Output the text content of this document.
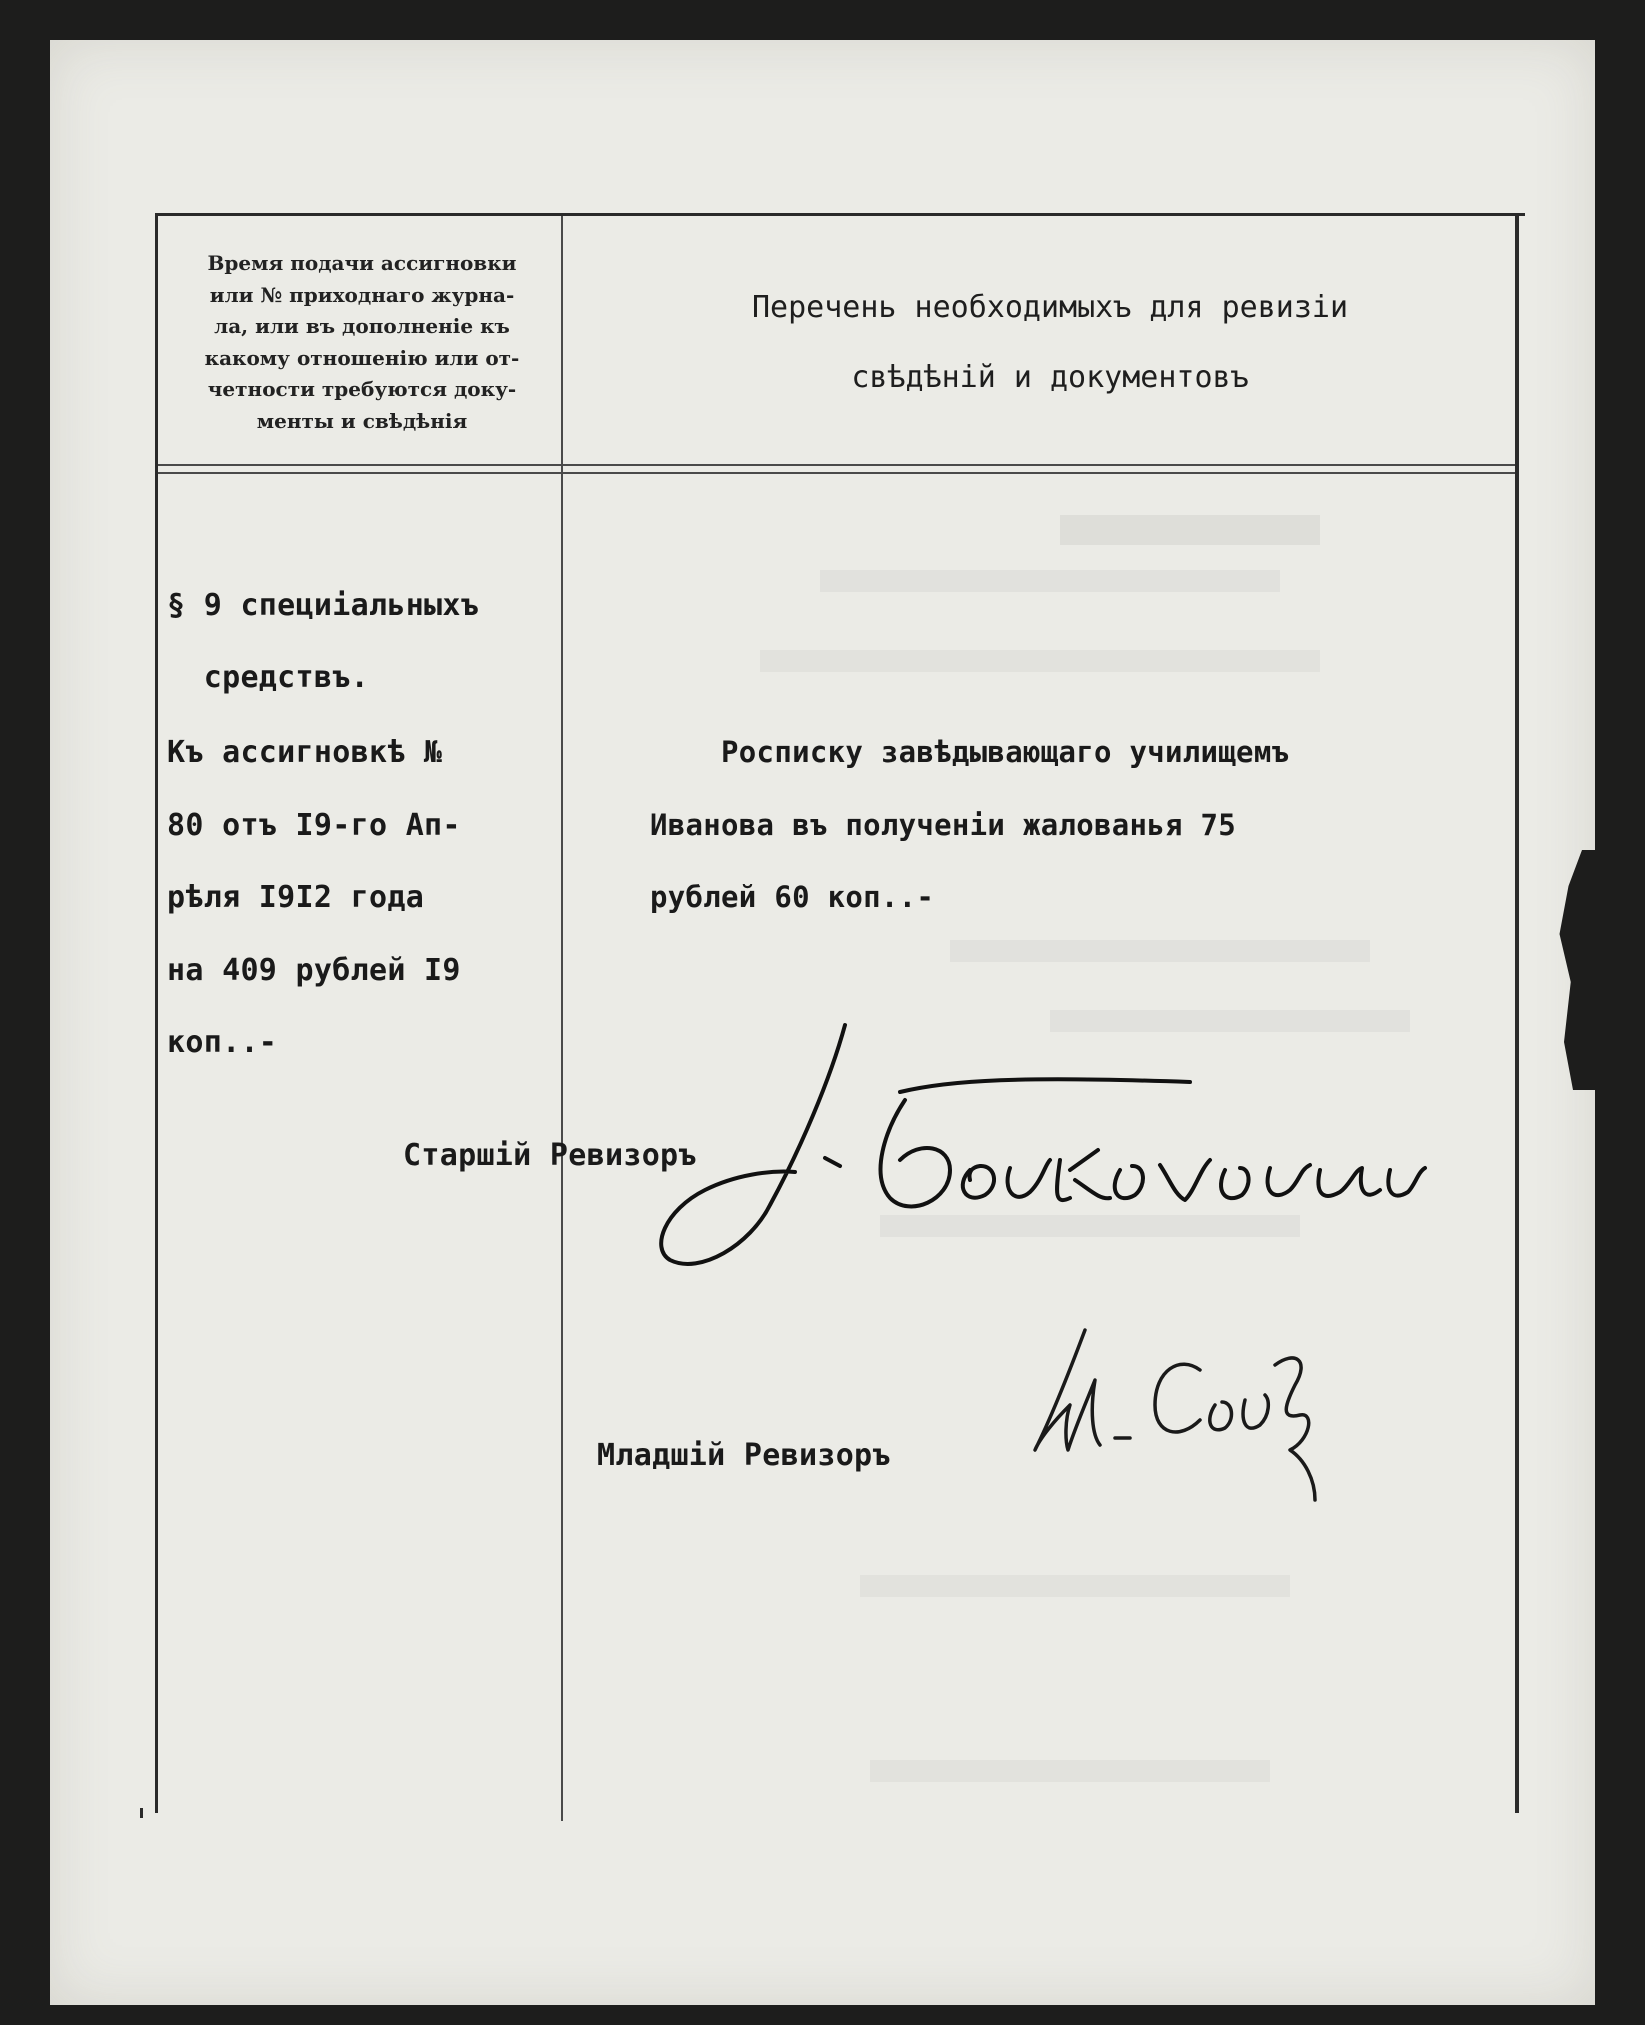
Время подачи ассигновки
или № приходнаго журна-
ла, или въ дополненіе къ
какому отношенію или от-
четности требуются доку-
менты и свѣдѣнія
Перечень необходимыхъ для ревизіи
свѣдѣній и документовъ
§ 9 специіальныхъ
средствъ.
Къ ассигновкѣ №
80 отъ I9-го Ап-
рѣля I9I2 года
на 409 рублей I9
коп..-
Росписку завѣдывающаго училищемъ
Иванова въ полученіи жалованья 75
рублей 60 коп..-
Старшій Ревизоръ
Младшій Ревизоръ
